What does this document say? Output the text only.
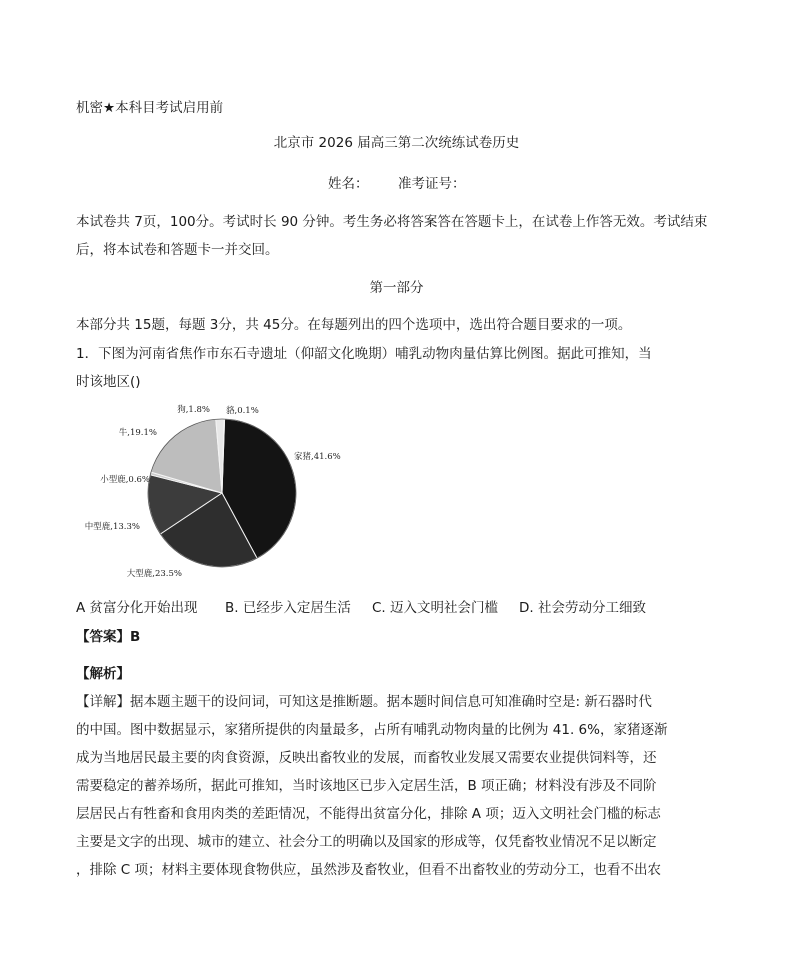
机密★本科目考试启用前
北京市 2026 届高三第二次统练试卷历史
姓名： 准考证号：
本试卷共 7页，100分。考试时长 90 分钟。考生务必将答案答在答题卡上，在试卷上作答无效。考试结束
后，将本试卷和答题卡一并交回。
第一部分
本部分共 15题，每题 3分，共 45分。在每题列出的四个选项中，选出符合题目要求的一项。
1．下图为河南省焦作市东石寺遗址（仰韶文化晚期）哺乳动物肉量估算比例图。据此可推知，当
时该地区()
家猪,41.6%
大型鹿,23.5%
中型鹿,13.3%
小型鹿,0.6%
牛,19.1%
狗,1.8% 貉,0.1%
A 贫富分化开始出现 B. 已经步入定居生活 C. 迈入文明社会门槛 D. 社会劳动分工细致
【答案】B
【解析】
【详解】据本题主题干的设问词，可知这是推断题。据本题时间信息可知准确时空是: 新石器时代
的中国。图中数据显示，家猪所提供的肉量最多，占所有哺乳动物肉量的比例为 41. 6%，家猪逐渐
成为当地居民最主要的肉食资源，反映出畜牧业的发展，而畜牧业发展又需要农业提供饲料等，还
需要稳定的蓄养场所，据此可推知，当时该地区已步入定居生活，B 项正确；材料没有涉及不同阶
层居民占有牲畜和食用肉类的差距情况，不能得出贫富分化，排除 A 项；迈入文明社会门槛的标志
主要是文字的出现、城市的建立、社会分工的明确以及国家的形成等，仅凭畜牧业情况不足以断定
，排除 C 项；材料主要体现食物供应，虽然涉及畜牧业，但看不出畜牧业的劳动分工，也看不出农
